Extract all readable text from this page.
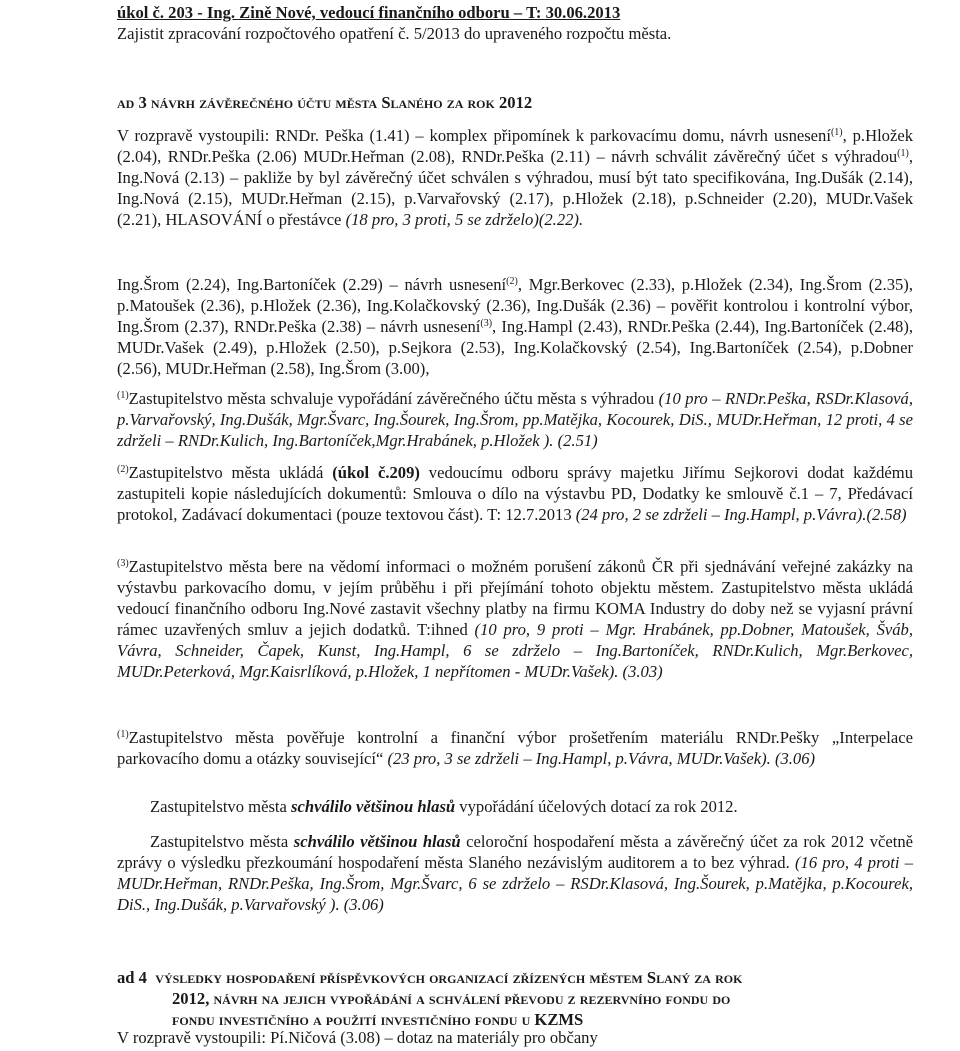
úkol č. 203 - Ing. Zině Nové, vedoucí finančního odboru – T: 30.06.2013
Zajistit zpracování rozpočtového opatření č. 5/2013 do upraveného rozpočtu města.

ad 3 návrh závěrečného účtu města Slaného za rok 2012

V rozpravě vystoupili: RNDr. Peška (1.41) – komplex připomínek k parkovacímu domu, návrh usnesení$^{(1)}$, p.Hložek (2.04), RNDr.Peška (2.06) MUDr.Heřman (2.08), RNDr.Peška (2.11) – návrh schválit závěrečný účet s výhradou$^{(1)}$, Ing.Nová (2.13) – pakliže by byl závěrečný účet schválen s výhradou, musí být tato specifikována, Ing.Dušák (2.14), Ing.Nová (2.15), MUDr.Heřman (2.15), p.Varvařovský (2.17), p.Hložek (2.18), p.Schneider (2.20), MUDr.Vašek (2.21), HLASOVÁNÍ o přestávce (18 pro, 3 proti, 5 se zdrželo)(2.22).

Ing.Šrom (2.24), Ing.Bartoníček (2.29) – návrh usnesení$^{(2)}$, Mgr.Berkovec (2.33), p.Hložek (2.34), Ing.Šrom (2.35), p.Matoušek (2.36), p.Hložek (2.36), Ing.Kolačkovský (2.36), Ing.Dušák (2.36) – pověřit kontrolou i kontrolní výbor, Ing.Šrom (2.37), RNDr.Peška (2.38) – návrh usnesení$^{(3)}$, Ing.Hampl (2.43), RNDr.Peška (2.44), Ing.Bartoníček (2.48), MUDr.Vašek (2.49), p.Hložek (2.50), p.Sejkora (2.53), Ing.Kolačkovský (2.54), Ing.Bartoníček (2.54), p.Dobner (2.56), MUDr.Heřman (2.58), Ing.Šrom (3.00),

$^{(1)}$Zastupitelstvo města schvaluje vypořádání závěrečného účtu města s výhradou (10 pro – RNDr.Peška, RSDr.Klasová, p.Varvařovský, Ing.Dušák, Mgr.Švarc, Ing.Šourek, Ing.Šrom, pp.Matějka, Kocourek, DiS., MUDr.Heřman, 12 proti, 4 se zdrželi – RNDr.Kulich, Ing.Bartoníček,Mgr.Hrabánek, p.Hložek ). (2.51)

$^{(2)}$Zastupitelstvo města ukládá (úkol č.209) vedoucímu odboru správy majetku Jiřímu Sejkorovi dodat každému zastupiteli kopie následujících dokumentů: Smlouva o dílo na výstavbu PD, Dodatky ke smlouvě č.1 – 7, Předávací protokol, Zadávací dokumentaci (pouze textovou část). T: 12.7.2013 (24 pro, 2 se zdrželi – Ing.Hampl, p.Vávra).(2.58)

$^{(3)}$Zastupitelstvo města bere na vědomí informaci o možném porušení zákonů ČR při sjednávání veřejné zakázky na výstavbu parkovacího domu, v jejím průběhu i při přejímání tohoto objektu městem. Zastupitelstvo města ukládá vedoucí finančního odboru Ing.Nové zastavit všechny platby na firmu KOMA Industry do doby než se vyjasní právní rámec uzavřených smluv a jejich dodatků. T:ihned (10 pro, 9 proti – Mgr. Hrabánek, pp.Dobner, Matoušek, Šváb, Vávra, Schneider, Čapek, Kunst, Ing.Hampl, 6 se zdrželo – Ing.Bartoníček, RNDr.Kulich, Mgr.Berkovec, MUDr.Peterková, Mgr.Kaisrlíková, p.Hložek, 1 nepřítomen - MUDr.Vašek). (3.03)

$^{(1)}$Zastupitelstvo města pověřuje kontrolní a finanční výbor prošetřením materiálu RNDr.Pešky „Interpelace parkovacího domu a otázky související“ (23 pro, 3 se zdrželi – Ing.Hampl, p.Vávra, MUDr.Vašek). (3.06)

Zastupitelstvo města schválilo většinou hlasů vypořádání účelových dotací za rok 2012.

Zastupitelstvo města schválilo většinou hlasů celoroční hospodaření města a závěrečný účet za rok 2012 včetně zprávy o výsledku přezkoumání hospodaření města Slaného nezávislým auditorem a to bez výhrad. (16 pro, 4 proti – MUDr.Heřman, RNDr.Peška, Ing.Šrom, Mgr.Švarc, 6 se zdrželo – RSDr.Klasová, Ing.Šourek, p.Matějka, p.Kocourek, DiS., Ing.Dušák, p.Varvařovský ). (3.06)

ad 4 výsledky hospodaření příspěvkových organizací zřízených městem Slaný za rok
2012, návrh na jejich vypořádání a schválení převodu z rezervního fondu do
fondu investičního a použití investičního fondu u KZMS

V rozpravě vystoupili: Pí.Ničová (3.08) – dotaz na materiály pro občany
